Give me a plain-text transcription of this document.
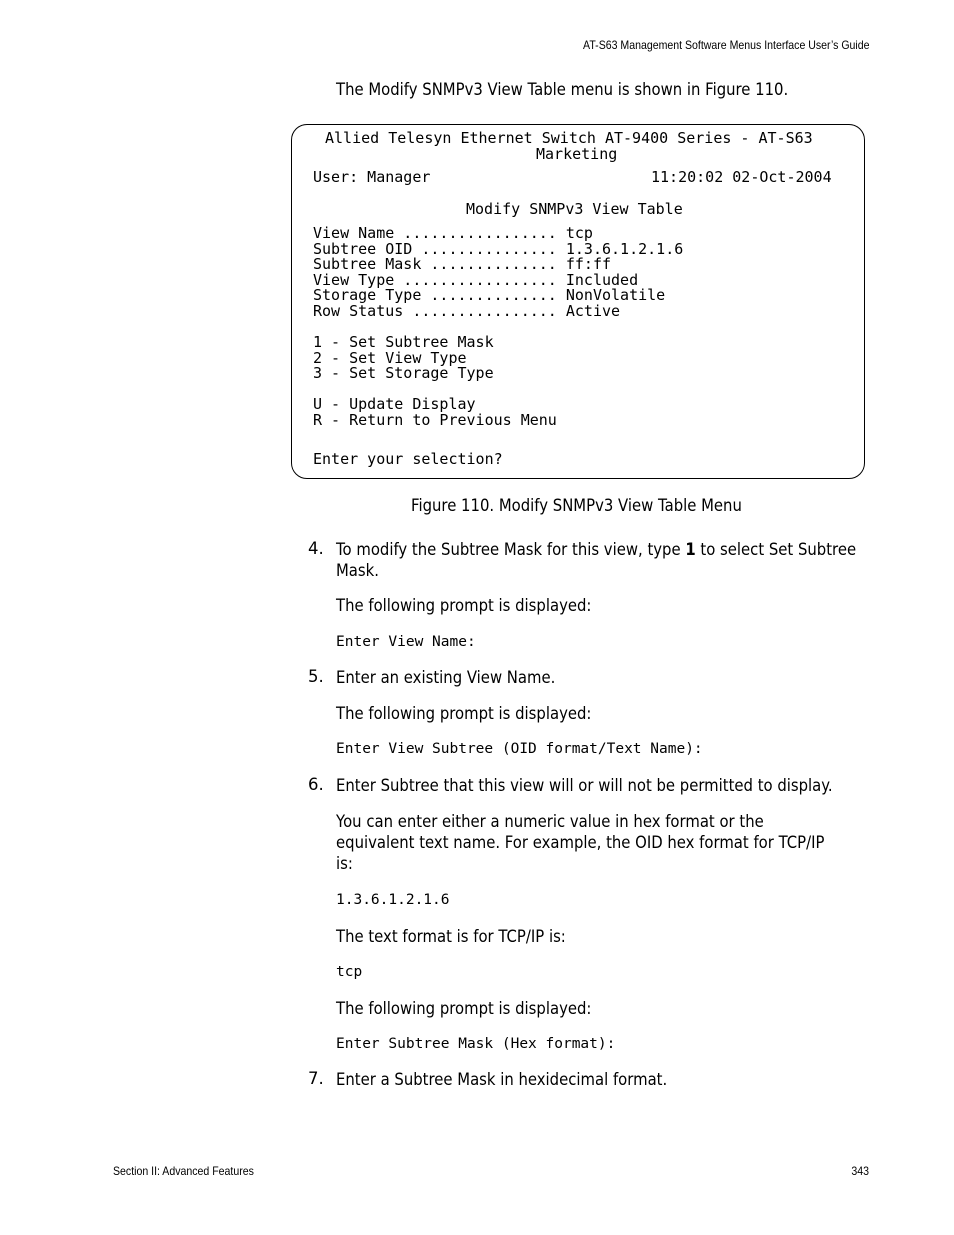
AT-S63 Management Software Menus Interface User’s Guide
The Modify SNMPv3 View Table menu is shown in Figure 110.
Allied Telesyn Ethernet Switch AT-9400 Series - AT-S63
Marketing
User: Manager	11:20:02 02-Oct-2004
Modify SNMPv3 View Table
View Name ................. tcp
Subtree OID ............... 1.3.6.1.2.1.6
Subtree Mask .............. ff:ff
View Type ................. Included
Storage Type .............. NonVolatile
Row Status ................ Active
1 - Set Subtree Mask
2 - Set View Type
3 - Set Storage Type
U - Update Display
R - Return to Previous Menu
Enter your selection?
Figure 110. Modify SNMPv3 View Table Menu
4. To modify the Subtree Mask for this view, type 1 to select Set Subtree
Mask.
The following prompt is displayed:
Enter View Name:
5. Enter an existing View Name.
The following prompt is displayed:
Enter View Subtree (OID format/Text Name):
6. Enter Subtree that this view will or will not be permitted to display.
You can enter either a numeric value in hex format or the
equivalent text name. For example, the OID hex format for TCP/IP
is:
1.3.6.1.2.1.6
The text format is for TCP/IP is:
tcp
The following prompt is displayed:
Enter Subtree Mask (Hex format):
7. Enter a Subtree Mask in hexidecimal format.
Section II: Advanced Features	343
